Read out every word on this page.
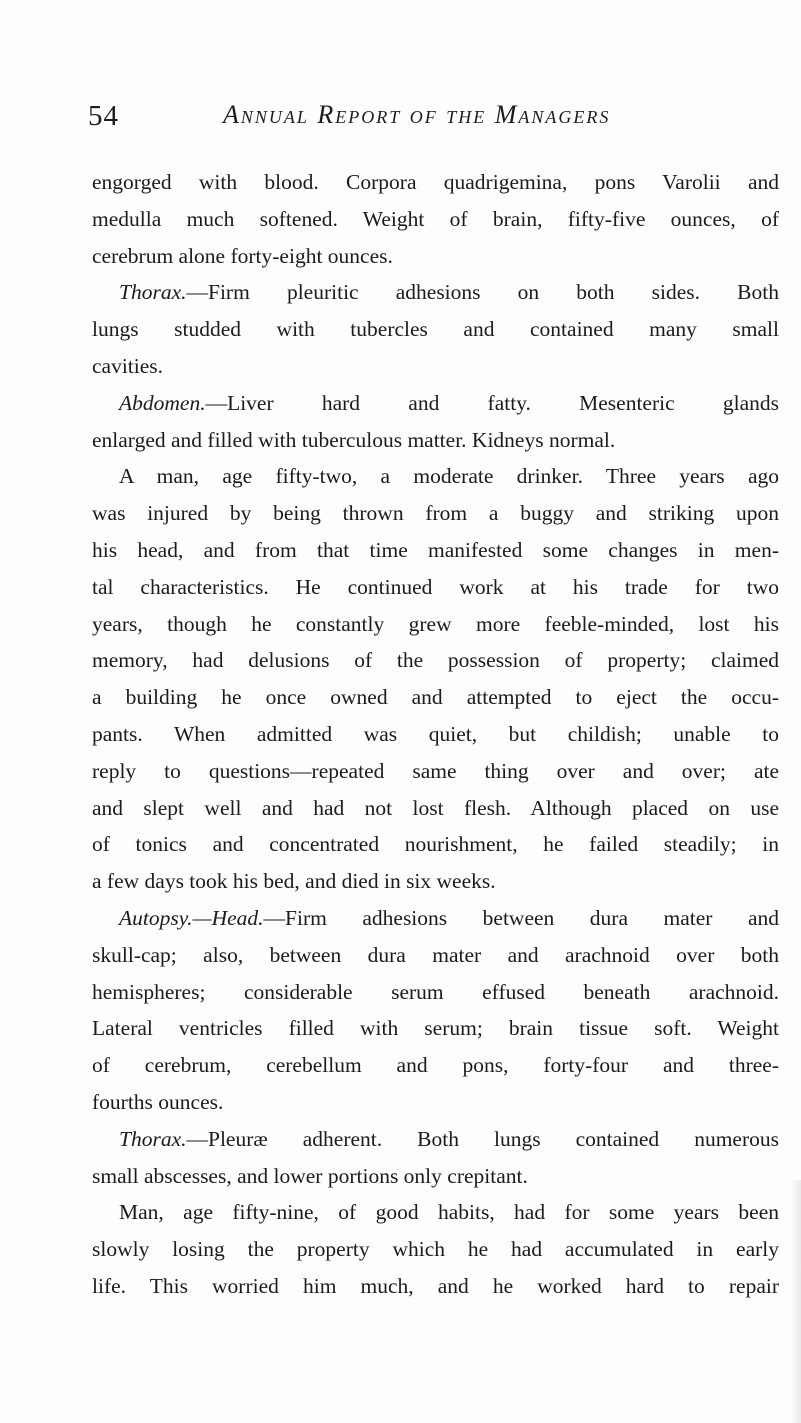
54	Annual Report of the Managers
engorged with blood. Corpora quadrigemina, pons Varolii and
medulla much softened. Weight of brain, fifty-five ounces, of
cerebrum alone forty-eight ounces.
Thorax.—Firm pleuritic adhesions on both sides. Both
lungs studded with tubercles and contained many small
cavities.
Abdomen.—Liver hard and fatty. Mesenteric glands
enlarged and filled with tuberculous matter. Kidneys normal.
A man, age fifty-two, a moderate drinker. Three years ago
was injured by being thrown from a buggy and striking upon
his head, and from that time manifested some changes in men-
tal characteristics. He continued work at his trade for two
years, though he constantly grew more feeble-minded, lost his
memory, had delusions of the possession of property; claimed
a building he once owned and attempted to eject the occu-
pants. When admitted was quiet, but childish; unable to
reply to questions—repeated same thing over and over; ate
and slept well and had not lost flesh. Although placed on use
of tonics and concentrated nourishment, he failed steadily; in
a few days took his bed, and died in six weeks.
Autopsy.—Head.—Firm adhesions between dura mater and
skull-cap; also, between dura mater and arachnoid over both
hemispheres; considerable serum effused beneath arachnoid.
Lateral ventricles filled with serum; brain tissue soft. Weight
of cerebrum, cerebellum and pons, forty-four and three-
fourths ounces.
Thorax.—Pleuræ adherent. Both lungs contained numerous
small abscesses, and lower portions only crepitant.
Man, age fifty-nine, of good habits, had for some years been
slowly losing the property which he had accumulated in early
life. This worried him much, and he worked hard to repair
